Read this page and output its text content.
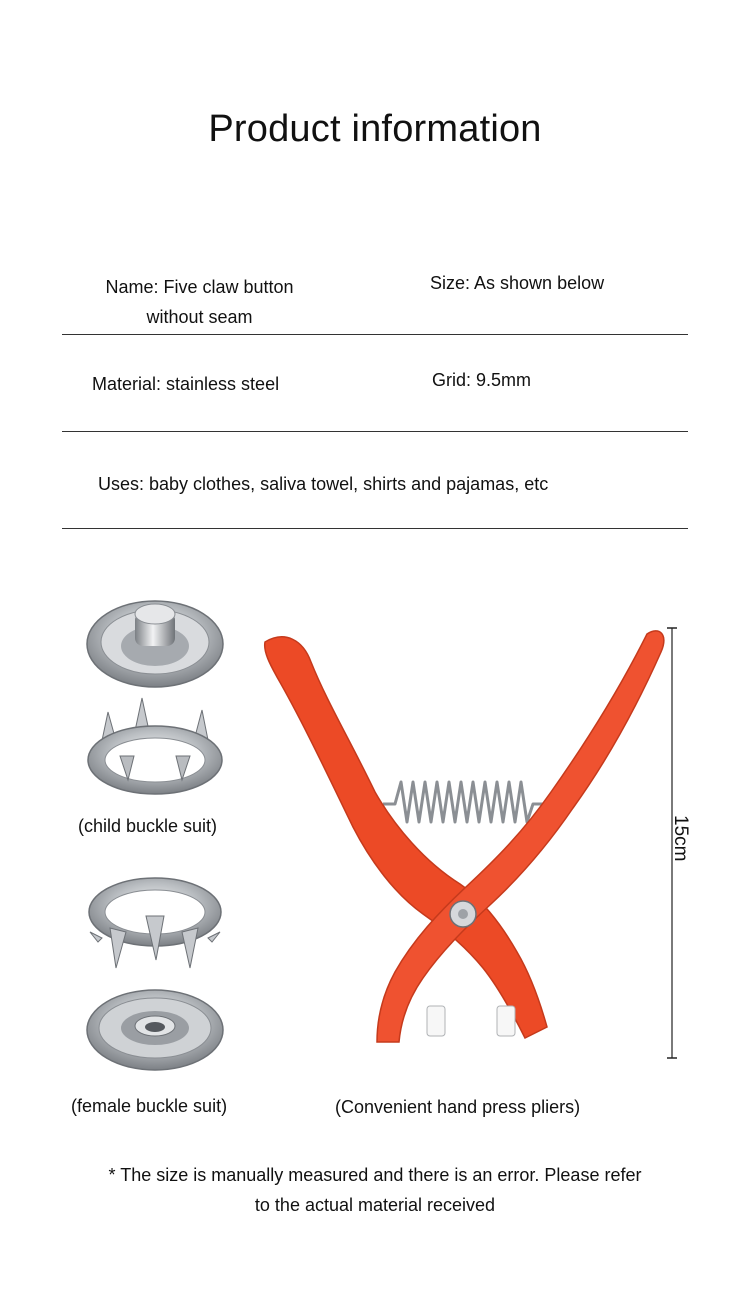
Product information
Name: Five claw button
without seam
Size: As shown below
Material: stainless steel	Grid: 9.5mm
Uses: baby clothes, saliva towel, shirts and pajamas, etc
(child buckle suit)
(female buckle suit)	(Convenient hand press pliers)
15cm
* The size is manually measured and there is an error. Please refer
to the actual material received
